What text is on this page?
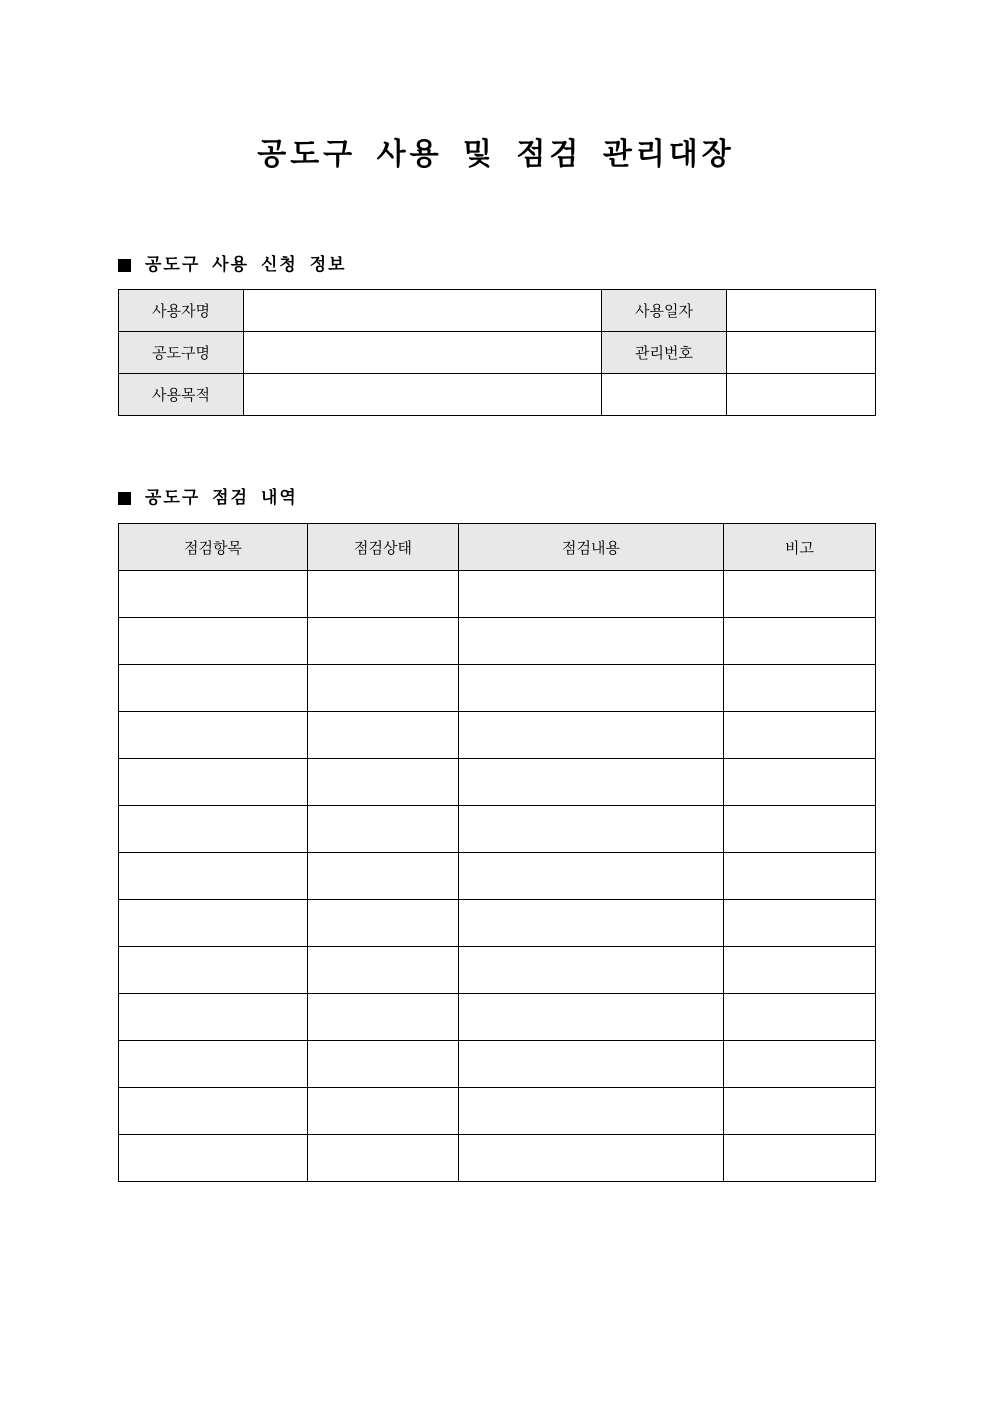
공도구 사용 및 점검 관리대장
공도구 사용 신청 정보
사용자명		사용일자	
공도구명		관리번호	
사용목적			
공도구 점검 내역
점검항목	점검상태	점검내용	비고
